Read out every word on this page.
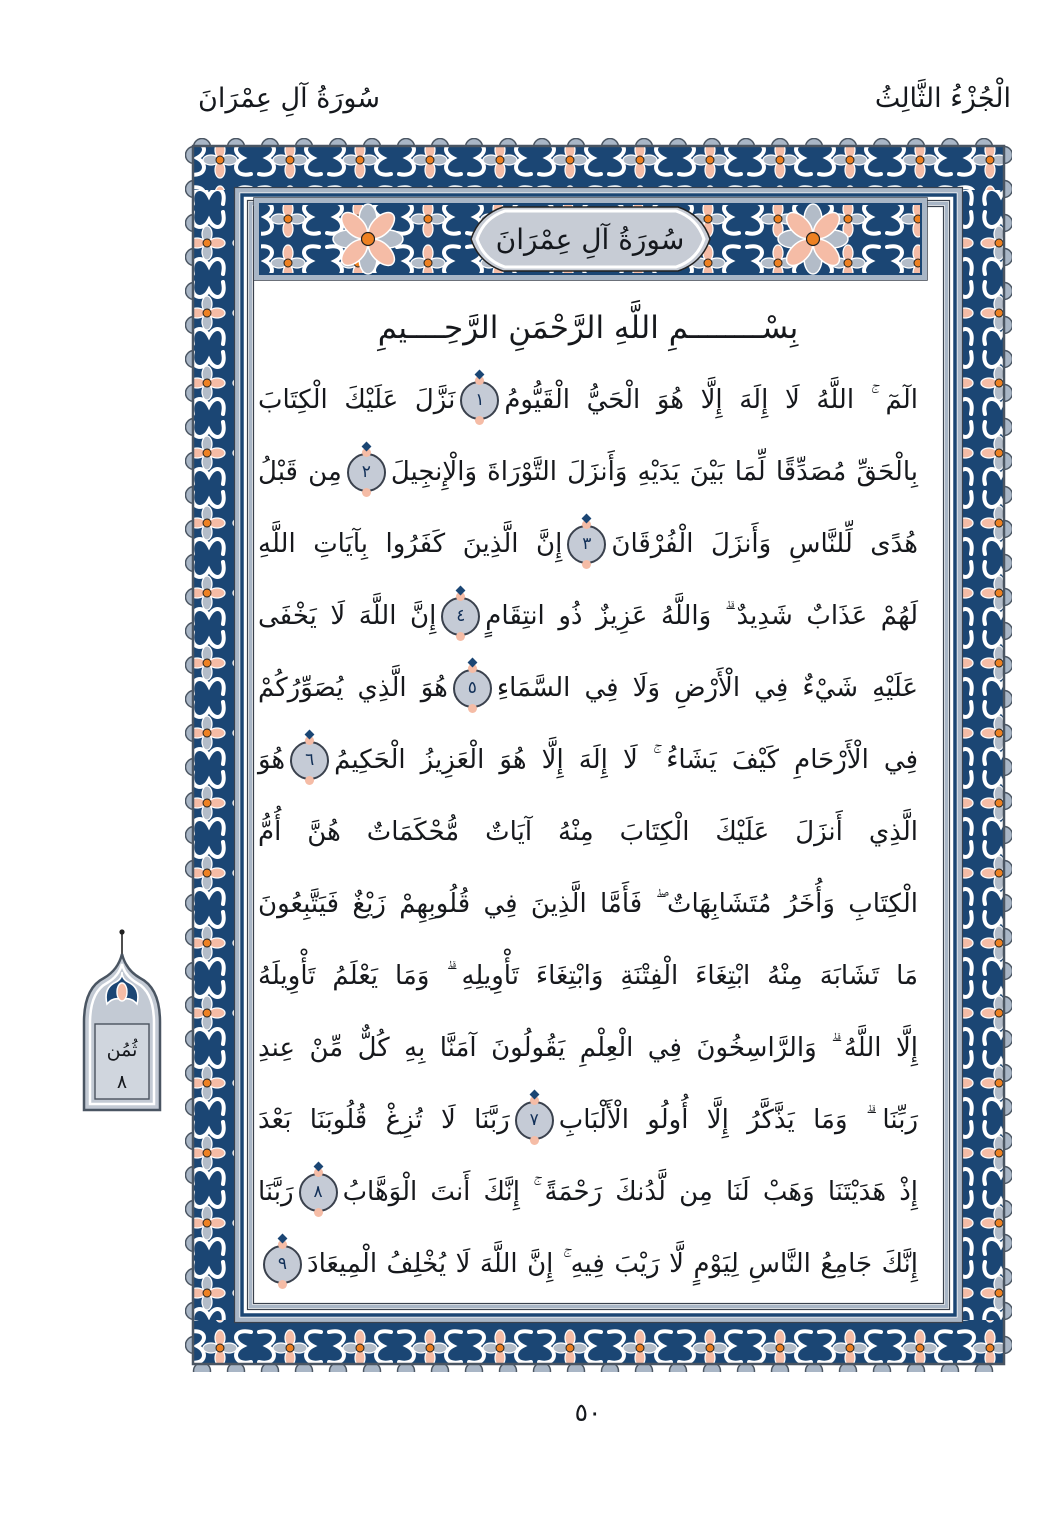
سُورَةُ آلِ عِمْرَانَ	الْجُزْءُ الثَّالِثُ
سُورَةُ آلِ عِمْرَانَ
بِسْــــــــمِ اللَّهِ الرَّحْمَنِ الرَّحِــــيمِ
الٓمٓ ۚ اللَّهُ لَا إِلَهَ إِلَّا هُوَ الْحَيُّ الْقَيُّومُ
١
نَزَّلَ عَلَيْكَ الْكِتَابَ
بِالْحَقِّ مُصَدِّقًا لِّمَا بَيْنَ يَدَيْهِ وَأَنزَلَ التَّوْرَاةَ وَالْإِنجِيلَ
٢
مِن قَبْلُ
هُدًى لِّلنَّاسِ وَأَنزَلَ الْفُرْقَانَ
٣
إِنَّ الَّذِينَ كَفَرُوا بِآيَاتِ اللَّهِ
لَهُمْ عَذَابٌ شَدِيدٌ ۗ وَاللَّهُ عَزِيزٌ ذُو انتِقَامٍ
٤
إِنَّ اللَّهَ لَا يَخْفَى
عَلَيْهِ شَيْءٌ فِي الْأَرْضِ وَلَا فِي السَّمَاءِ
٥
هُوَ الَّذِي يُصَوِّرُكُمْ
فِي الْأَرْحَامِ كَيْفَ يَشَاءُ ۚ لَا إِلَهَ إِلَّا هُوَ الْعَزِيزُ الْحَكِيمُ
٦
هُوَ
الَّذِي أَنزَلَ عَلَيْكَ الْكِتَابَ مِنْهُ آيَاتٌ مُّحْكَمَاتٌ هُنَّ أُمُّ
الْكِتَابِ وَأُخَرُ مُتَشَابِهَاتٌ ۖ فَأَمَّا الَّذِينَ فِي قُلُوبِهِمْ زَيْغٌ فَيَتَّبِعُونَ
مَا تَشَابَهَ مِنْهُ ابْتِغَاءَ الْفِتْنَةِ وَابْتِغَاءَ تَأْوِيلِهِ ۗ وَمَا يَعْلَمُ تَأْوِيلَهُ
إِلَّا اللَّهُ ۗ وَالرَّاسِخُونَ فِي الْعِلْمِ يَقُولُونَ آمَنَّا بِهِ كُلٌّ مِّنْ عِندِ
رَبِّنَا ۗ وَمَا يَذَّكَّرُ إِلَّا أُولُو الْأَلْبَابِ
٧
رَبَّنَا لَا تُزِغْ قُلُوبَنَا بَعْدَ
إِذْ هَدَيْتَنَا وَهَبْ لَنَا مِن لَّدُنكَ رَحْمَةً ۚ إِنَّكَ أَنتَ الْوَهَّابُ
٨
رَبَّنَا
إِنَّكَ جَامِعُ النَّاسِ لِيَوْمٍ لَّا رَيْبَ فِيهِ ۚ إِنَّ اللَّهَ لَا يُخْلِفُ الْمِيعَادَ
٩
ثُمُن
٨
٥٠
